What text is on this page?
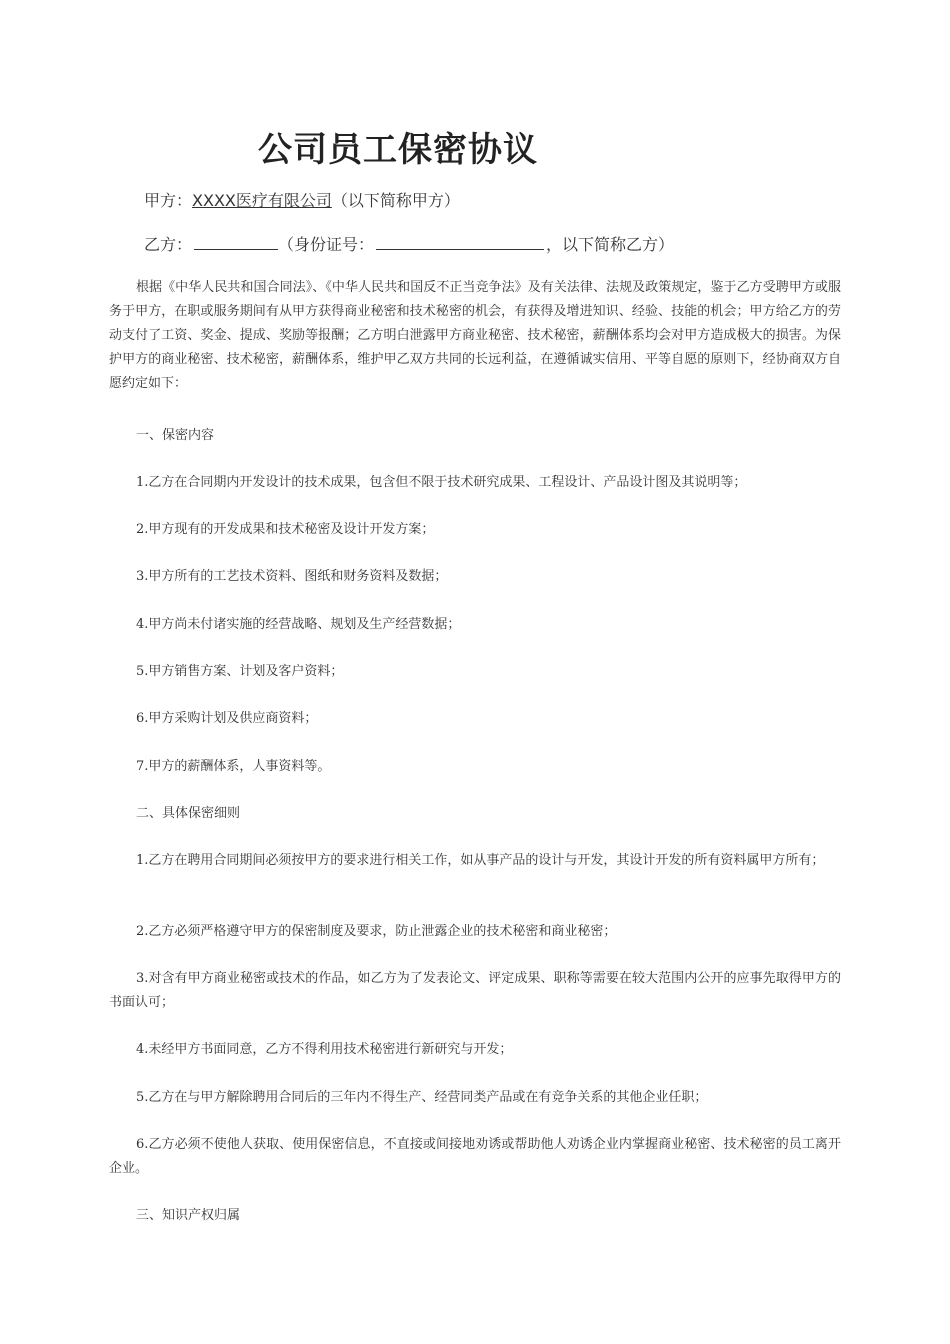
公司员工保密协议
甲方：XXXX医疗有限公司（以下简称甲方）
乙方：	（身份证号：	，以下简称乙方）
根据《中华人民共和国合同法》、《中华人民共和国反不正当竞争法》及有关法律、法规及政策规定，鉴于乙方受聘甲方或服务于甲方，在职或服务期间有从甲方获得商业秘密和技术秘密的机会，有获得及增进知识、经验、技能的机会；甲方给乙方的劳动支付了工资、奖金、提成、奖励等报酬；乙方明白泄露甲方商业秘密、技术秘密，薪酬体系均会对甲方造成极大的损害。为保护甲方的商业秘密、技术秘密，薪酬体系，维护甲乙双方共同的长远利益，在遵循诚实信用、平等自愿的原则下，经协商双方自愿约定如下：
一、保密内容
1.乙方在合同期内开发设计的技术成果，包含但不限于技术研究成果、工程设计、产品设计图及其说明等；
2.甲方现有的开发成果和技术秘密及设计开发方案；
3.甲方所有的工艺技术资料、图纸和财务资料及数据；
4.甲方尚未付诸实施的经营战略、规划及生产经营数据；
5.甲方销售方案、计划及客户资料；
6.甲方采购计划及供应商资料；
7.甲方的薪酬体系，人事资料等。
二、具体保密细则
1.乙方在聘用合同期间必须按甲方的要求进行相关工作，如从事产品的设计与开发，其设计开发的所有资料属甲方所有；
2.乙方必须严格遵守甲方的保密制度及要求，防止泄露企业的技术秘密和商业秘密；
3.对含有甲方商业秘密或技术的作品，如乙方为了发表论文、评定成果、职称等需要在较大范围内公开的应事先取得甲方的书面认可；
4.未经甲方书面同意，乙方不得利用技术秘密进行新研究与开发；
5.乙方在与甲方解除聘用合同后的三年内不得生产、经营同类产品或在有竞争关系的其他企业任职；
6.乙方必须不使他人获取、使用保密信息，不直接或间接地劝诱或帮助他人劝诱企业内掌握商业秘密、技术秘密的员工离开企业。
三、知识产权归属
